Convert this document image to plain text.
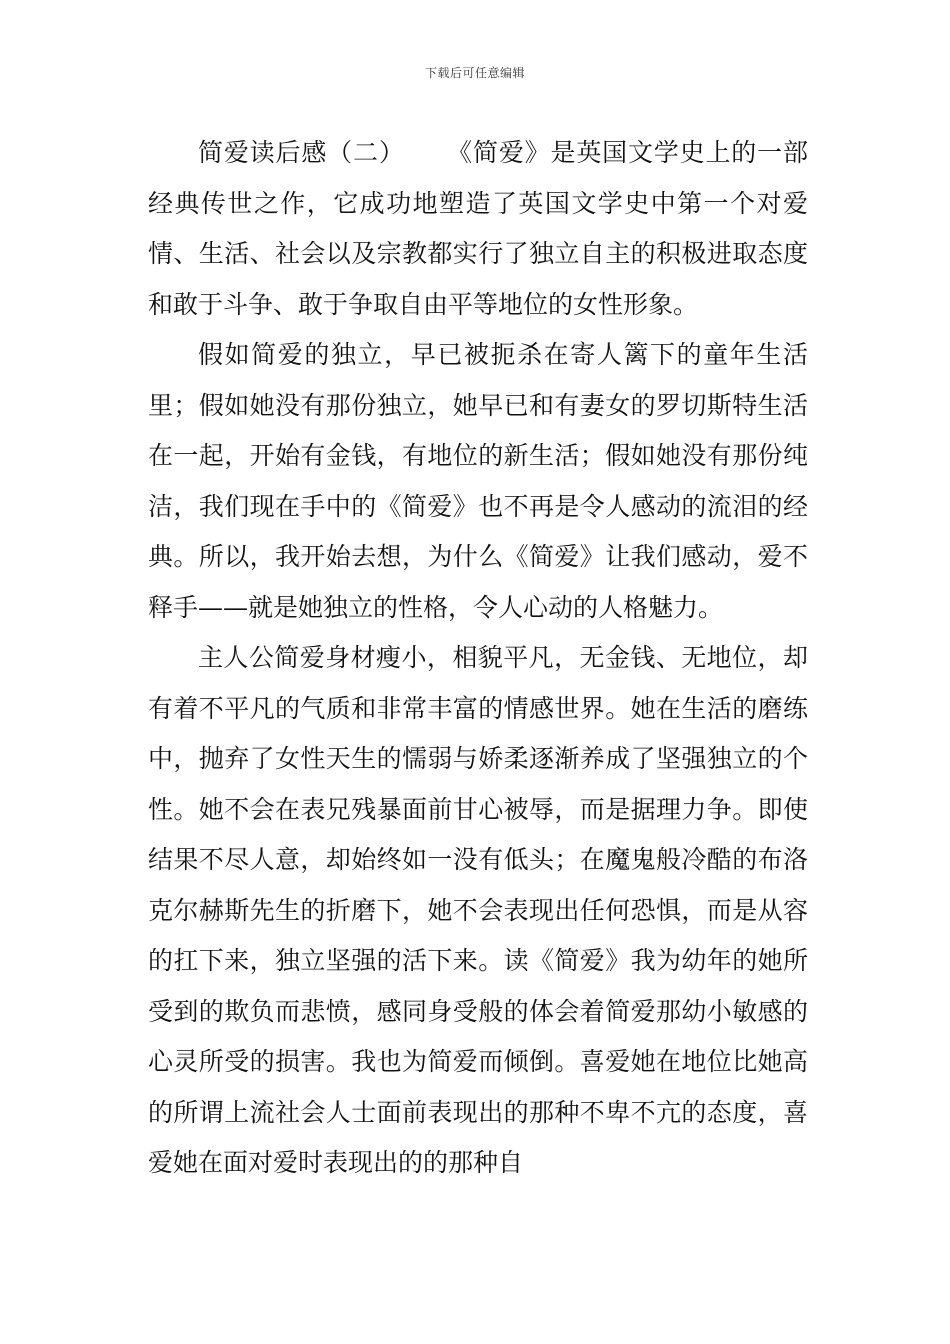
下载后可任意编辑

简爱读后感（二） 《简爱》是英国文学史上的一部经典传世之作，它成功地塑造了英国文学史中第一个对爱情、生活、社会以及宗教都实行了独立自主的积极进取态度和敢于斗争、敢于争取自由平等地位的女性形象。

假如简爱的独立，早已被扼杀在寄人篱下的童年生活里；假如她没有那份独立，她早已和有妻女的罗切斯特生活在一起，开始有金钱，有地位的新生活；假如她没有那份纯洁，我们现在手中的《简爱》也不再是令人感动的流泪的经典。所以，我开始去想，为什么《简爱》让我们感动，爱不释手——就是她独立的性格，令人心动的人格魅力。

主人公简爱身材瘦小，相貌平凡，无金钱、无地位，却有着不平凡的气质和非常丰富的情感世界。她在生活的磨练中，抛弃了女性天生的懦弱与娇柔逐渐养成了坚强独立的个性。她不会在表兄残暴面前甘心被辱，而是据理力争。即使结果不尽人意，却始终如一没有低头；在魔鬼般冷酷的布洛克尔赫斯先生的折磨下，她不会表现出任何恐惧，而是从容的扛下来，独立坚强的活下来。读《简爱》我为幼年的她所受到的欺负而悲愤，感同身受般的体会着简爱那幼小敏感的心灵所受的损害。我也为简爱而倾倒。喜爱她在地位比她高的所谓上流社会人士面前表现出的那种不卑不亢的态度，喜爱她在面对爱时表现出的的那种自
